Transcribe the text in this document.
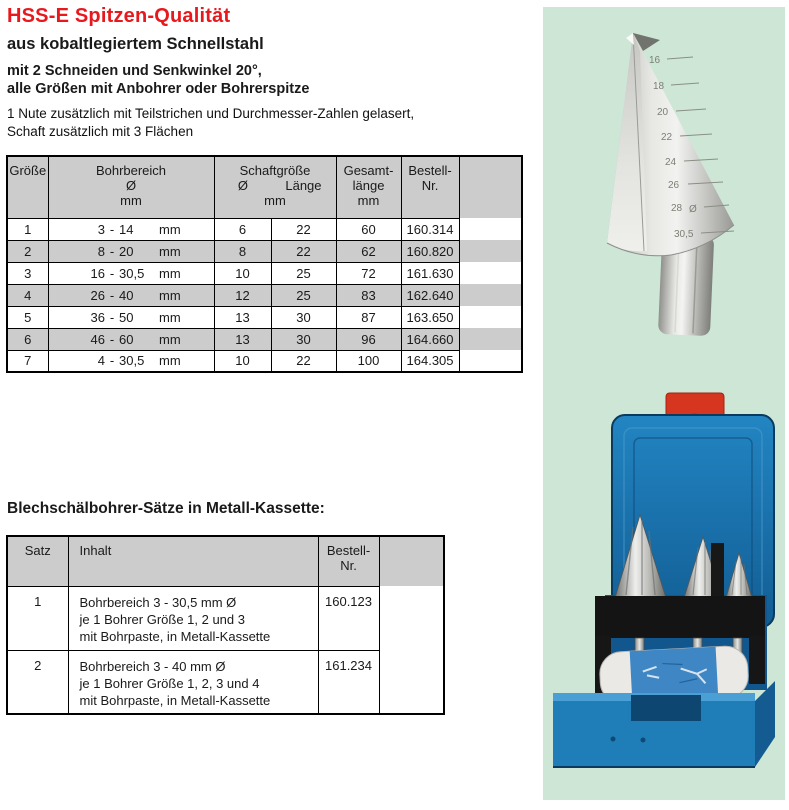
HSS-E Spitzen-Qualität
aus kobaltlegiertem Schnellstahl
mit 2 Schneiden und Senkwinkel 20°,
alle Größen mit Anbohrer oder Bohrerspitze
1 Nute zusätzlich mit Teilstrichen und Durchmesser-Zahlen gelasert,
Schaft zusätzlich mit 3 Flächen
Größe	Bohrbereich
Ø
mm

Schaftgröße
Ø	Länge
mm

Gesamt-
länge
mm

Bestell-
Nr.

1	3 - 14 mm	6	22	60	160.314	
2	8 - 20 mm	8	22	62	160.820	
3	16 - 30,5 mm	10	25	72	161.630	
4	26 - 40 mm	12	25	83	162.640	
5	36 - 50 mm	13	30	87	163.650	
6	46 - 60 mm	13	30	96	164.660	
7	4 - 30,5 mm	10	22	100	164.305	
Blechschälbohrer-Sätze in Metall-Kassette:
Satz	Inhalt	Bestell-
Nr.	

1	Bohrbereich 3 - 30,5 mm Ø
je 1 Bohrer Größe 1, 2 und 3
mit Bohrpaste, in Metall-Kassette	160.123	
2	Bohrbereich 3 - 40 mm Ø
je 1 Bohrer Größe 1, 2, 3 und 4
mit Bohrpaste, in Metall-Kassette	161.234	
16
18
20
22
24
26
28 Ø
30,5
